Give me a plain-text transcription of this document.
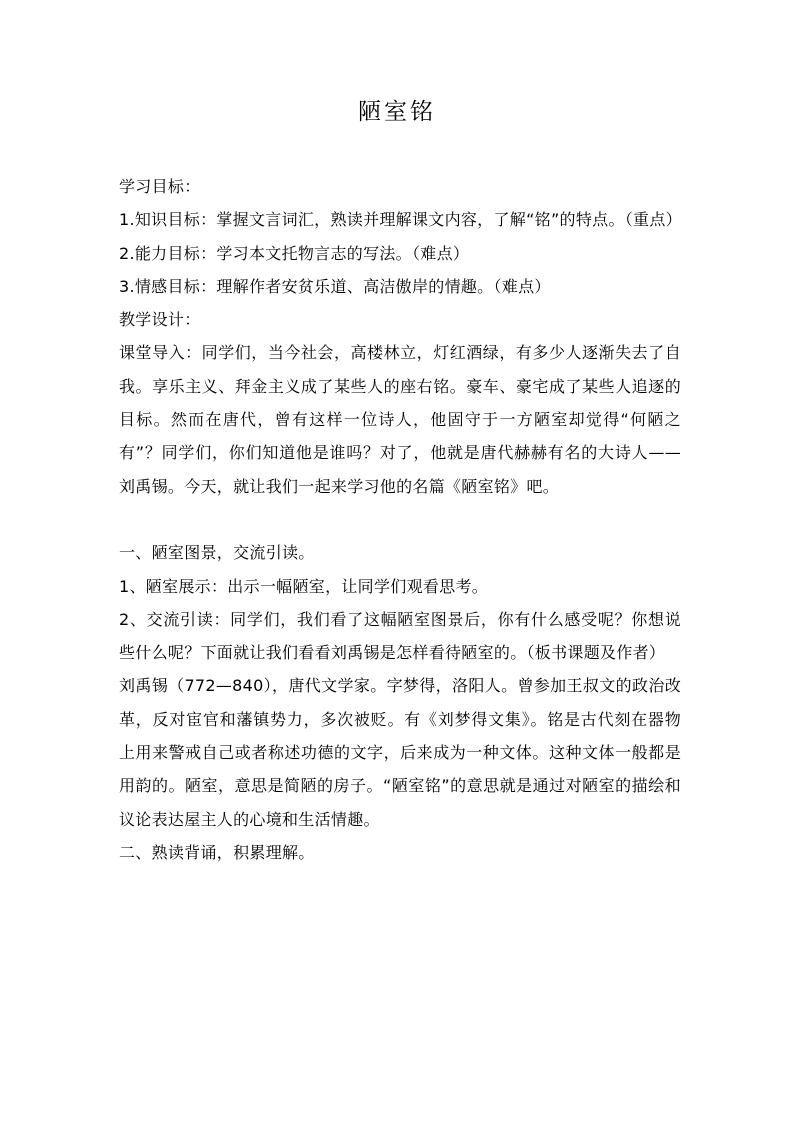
陋室铭

学习目标：

1.知识目标：掌握文言词汇，熟读并理解课文内容，了解“铭”的特点。（重点）

2.能力目标：学习本文托物言志的写法。（难点）

3.情感目标：理解作者安贫乐道、高洁傲岸的情趣。（难点）

教学设计：

课堂导入：同学们，当今社会，高楼林立，灯红酒绿，有多少人逐渐失去了自我。享乐主义、拜金主义成了某些人的座右铭。豪车、豪宅成了某些人追逐的目标。然而在唐代，曾有这样一位诗人，他固守于一方陋室却觉得“何陋之有”？同学们，你们知道他是谁吗？对了，他就是唐代赫赫有名的大诗人——刘禹锡。今天，就让我们一起来学习他的名篇《陋室铭》吧。

一、陋室图景，交流引读。

1、陋室展示：出示一幅陋室，让同学们观看思考。

2、交流引读：同学们，我们看了这幅陋室图景后，你有什么感受呢？你想说些什么呢？下面就让我们看看刘禹锡是怎样看待陋室的。（板书课题及作者）

刘禹锡（772—840），唐代文学家。字梦得，洛阳人。曾参加王叔文的政治改革，反对宦官和藩镇势力，多次被贬。有《刘梦得文集》。铭是古代刻在器物上用来警戒自己或者称述功德的文字，后来成为一种文体。这种文体一般都是用韵的。陋室，意思是简陋的房子。“陋室铭”的意思就是通过对陋室的描绘和议论表达屋主人的心境和生活情趣。

二、熟读背诵，积累理解。
